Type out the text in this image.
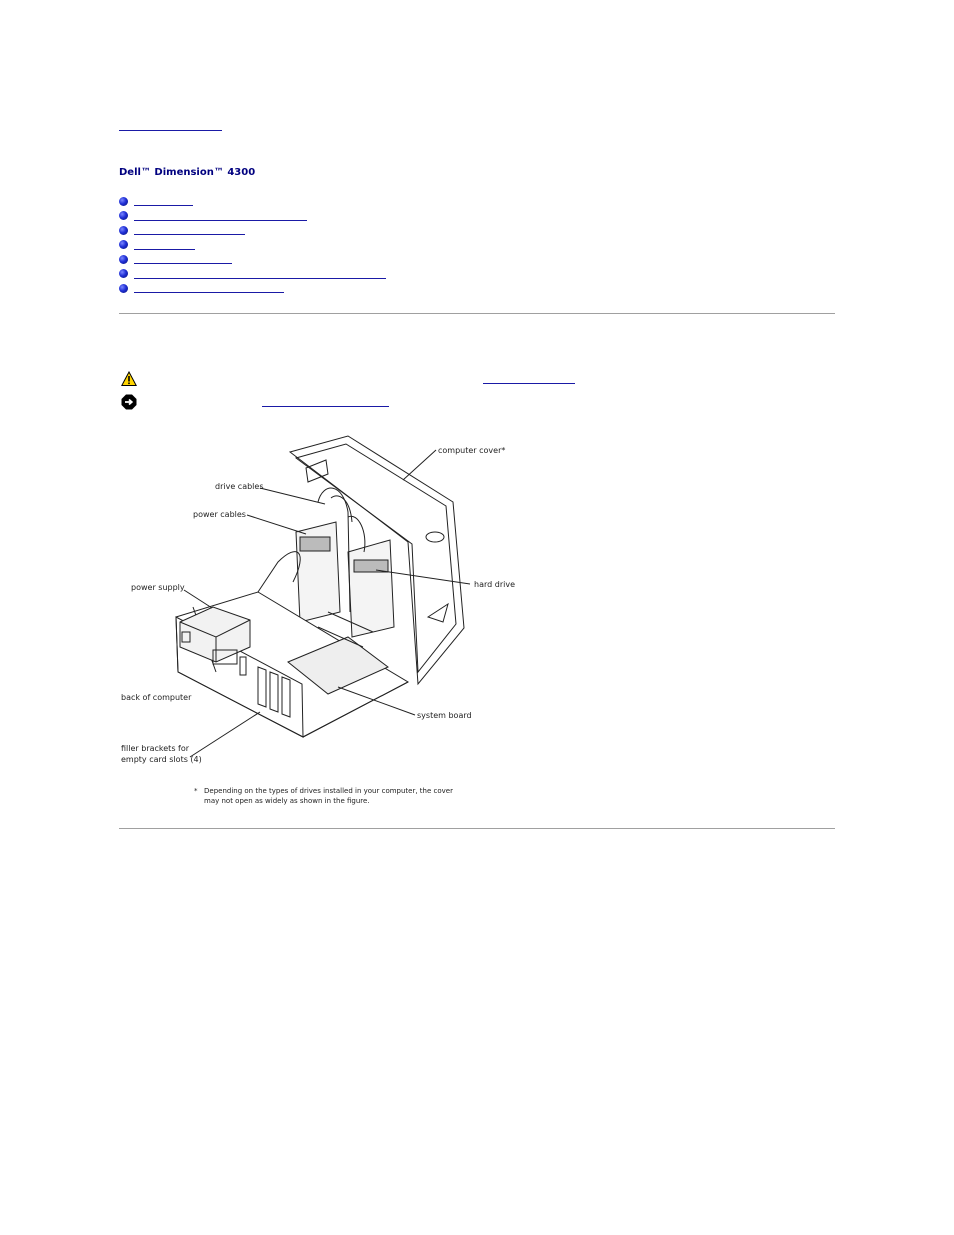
Dell™ Dimension™ 4300
computer cover*
drive cables
power cables
hard drive
power supply
back of computer
system board
filler brackets for
empty card slots (4)
* Depending on the types of drives installed in your computer, the cover
may not open as widely as shown in the figure.
